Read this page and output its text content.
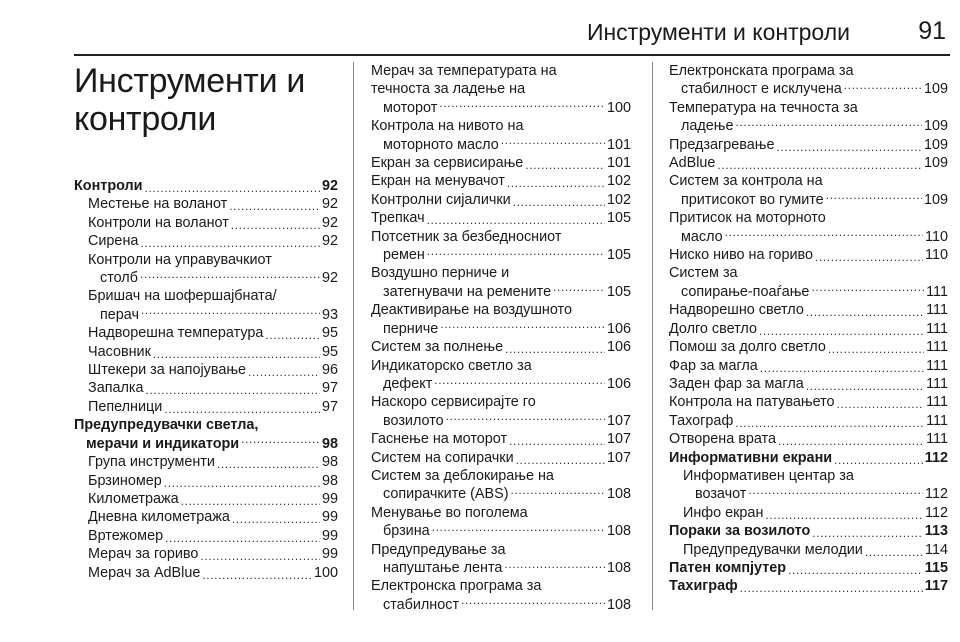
Инструменти и контроли	91
Инструменти и
контроли
Контроли .....	92
Местење на воланот .....	92
Контроли на воланот .....	92
Сирена .....	92
Контроли на управувачкиот
столб .....	92
Бришач на шофершајбната/
перач .....	93
Надворешна температура .....	95
Часовник .....	95
Штекери за напојување .....	96
Запалка .....	97
Пепелници .....	97
Предупредувачки светла,
мерачи и индикатори .....	98
Група инструменти .....	98
Брзиномер .....	98
Километража .....	99
Дневна километража .....	99
Вртежомер .....	99
Мерач за гориво .....	99
Мерач за AdBlue .....	100
Мерач за температурата на
течноста за ладење на
моторот .....	100
Контрола на нивото на
моторното масло .....	101
Екран за сервисирање .....	101
Екран на менувачот .....	102
Контролни сијалички .....	102
Трепкач .....	105
Потсетник за безбедносниот
ремен .....	105
Воздушно перниче и
затегнувачи на ремените .....	105
Деактивирање на воздушното
перниче .....	106
Систем за полнење .....	106
Индикаторско светло за
дефект .....	106
Наскоро сервисирајте го
возилото .....	107
Гаснење на моторот .....	107
Систем на сопирачки .....	107
Систем за деблокирање на
сопирачките (ABS) .....	108
Менување во поголема
брзина .....	108
Предупредување за
напуштање лента .....	108
Електронска програма за
стабилност .....	108
Електронската програма за
стабилност е исклучена .....	109
Температура на течноста за
ладење .....	109
Предзагревање .....	109
AdBlue .....	109
Систем за контрола на
притисокот во гумите .....	109
Притисок на моторното
масло .....	110
Ниско ниво на гориво .....	110
Систем за
сопирање-поаѓање .....	111
Надворешно светло .....	111
Долго светло .....	111
Помош за долго светло .....	111
Фар за магла .....	111
Заден фар за магла .....	111
Контрола на патувањето .....	111
Тахограф .....	111
Отворена врата .....	111
Информативни екрани .....	112
Информативен центар за
возачот .....	112
Инфо екран .....	112
Пораки за возилото .....	113
Предупредувачки мелодии .....	114
Патен компјутер .....	115
Тахиграф .....	117
